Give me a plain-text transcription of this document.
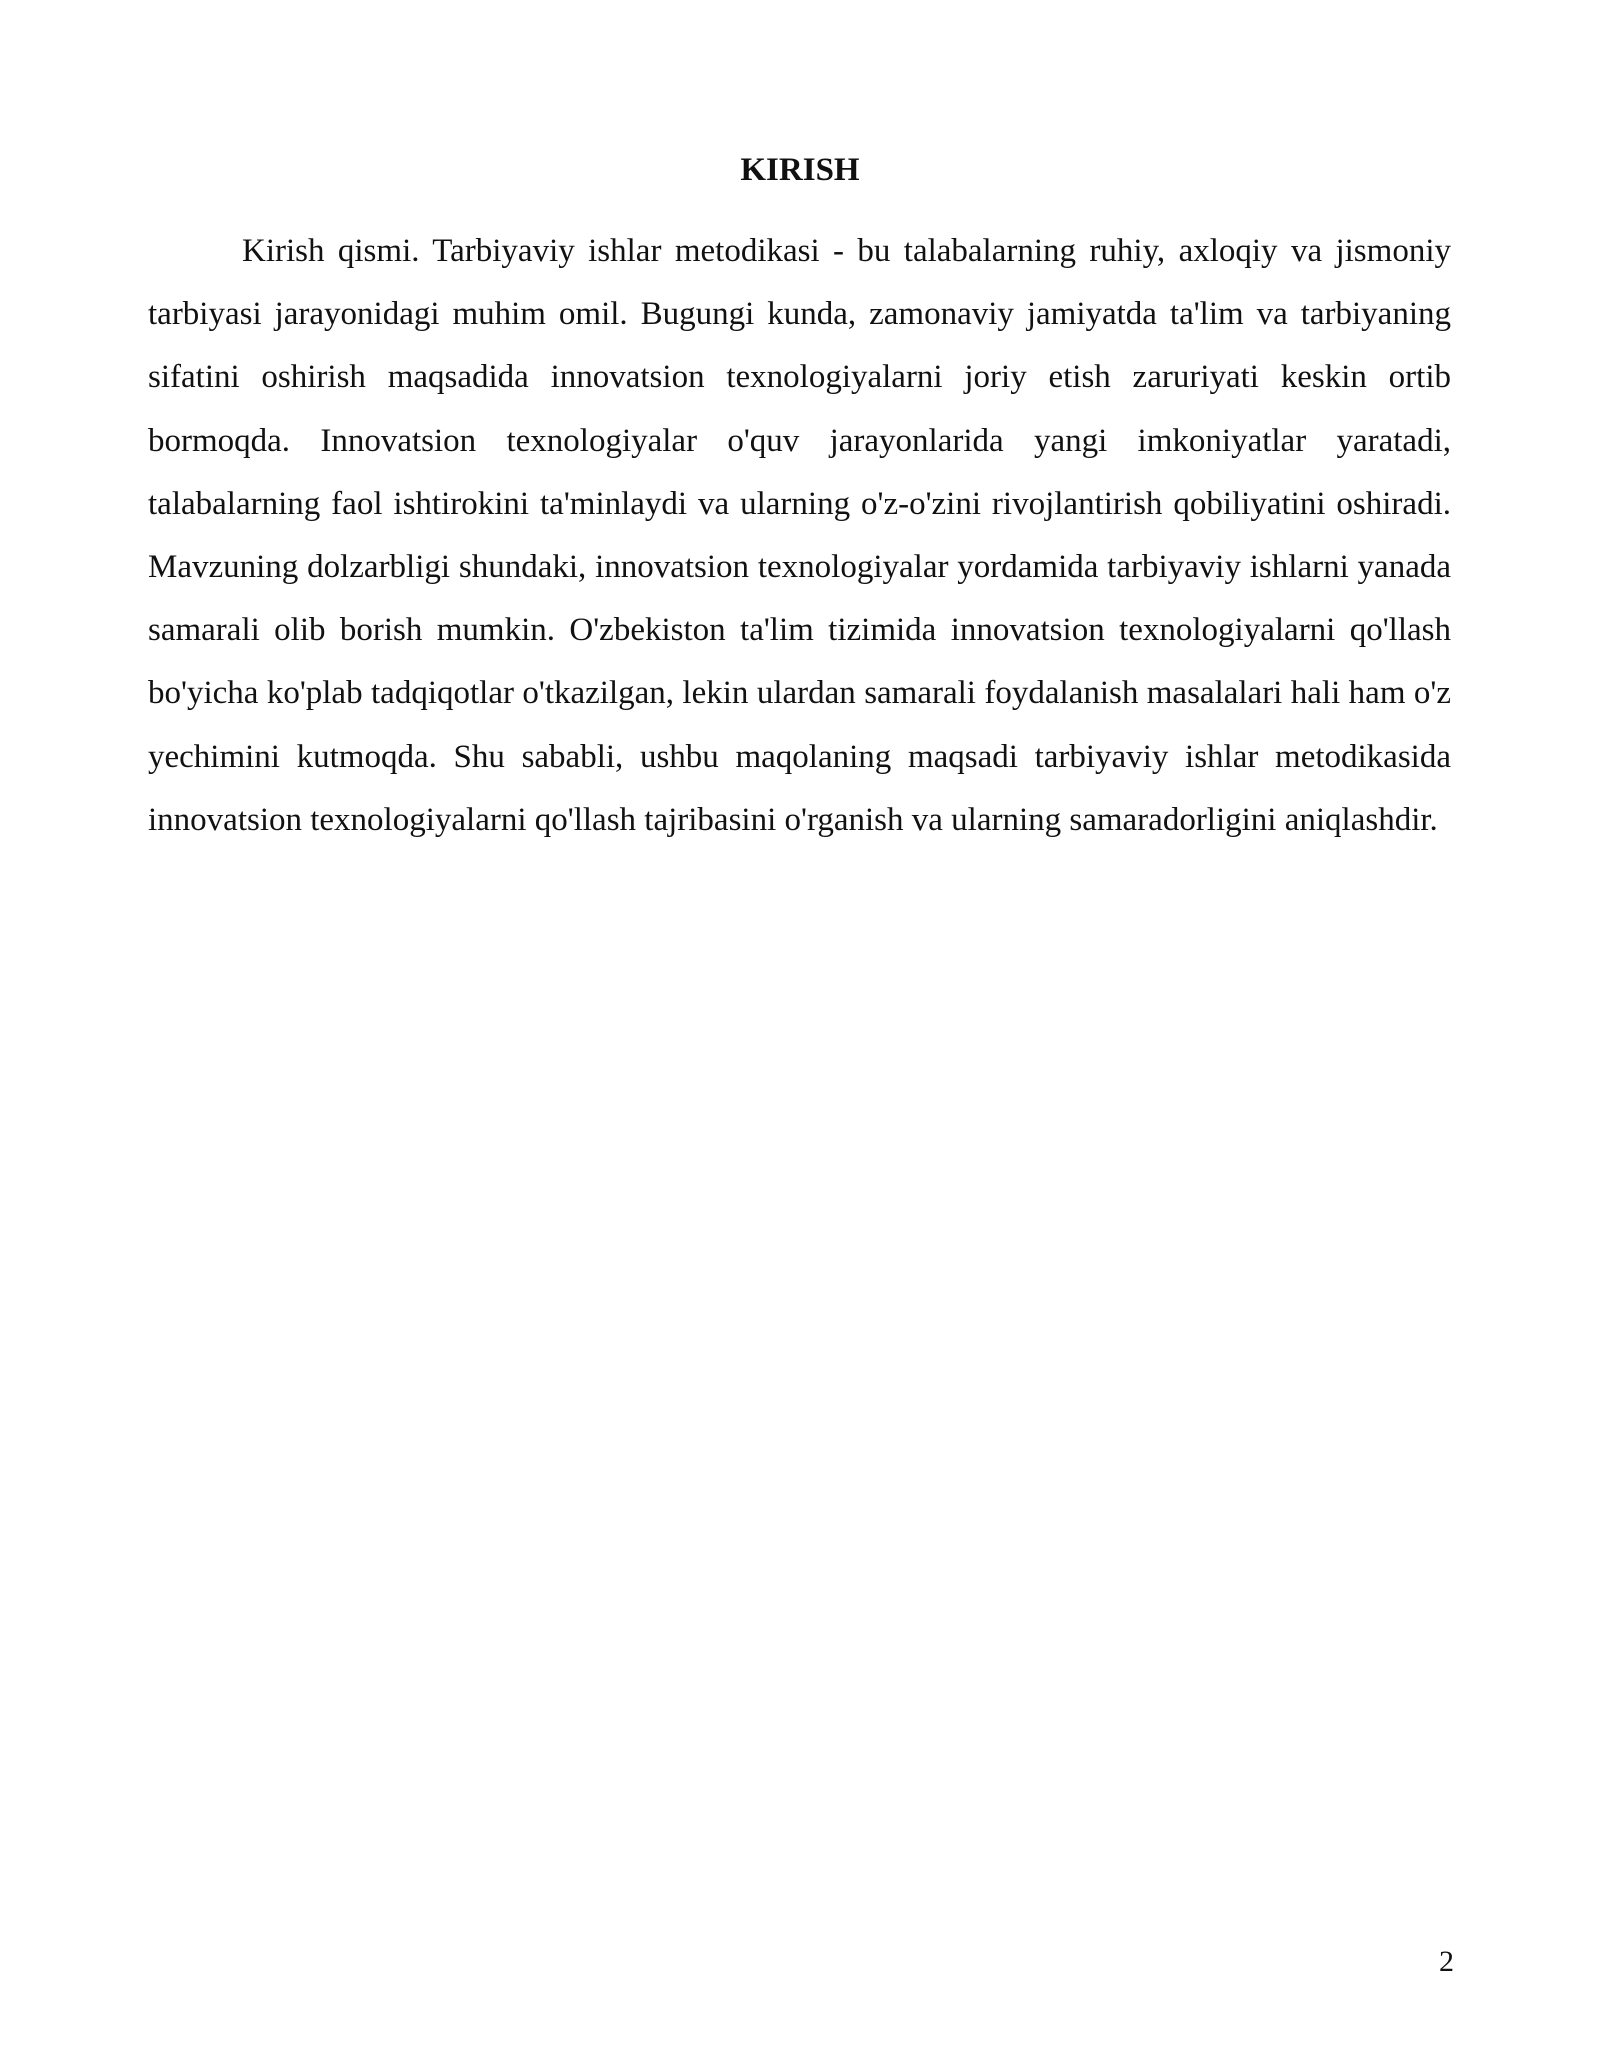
KIRISH

Kirish qismi. Tarbiyaviy ishlar metodikasi - bu talabalarning ruhiy, axloqiy va jismoniy tarbiyasi jarayonidagi muhim omil. Bugungi kunda, zamonaviy jamiyatda ta'lim va tarbiyaning sifatini oshirish maqsadida innovatsion texnologiyalarni joriy etish zaruriyati keskin ortib bormoqda. Innovatsion texnologiyalar o'quv jarayonlarida yangi imkoniyatlar yaratadi, talabalarning faol ishtirokini ta'minlaydi va ularning o'z-o'zini rivojlantirish qobiliyatini oshiradi. Mavzuning dolzarbligi shundaki, innovatsion texnologiyalar yordamida tarbiyaviy ishlarni yanada samarali olib borish mumkin. O'zbekiston ta'lim tizimida innovatsion texnologiyalarni qo'llash bo'yicha ko'plab tadqiqotlar o'tkazilgan, lekin ulardan samarali foydalanish masalalari hali ham o'z yechimini kutmoqda. Shu sababli, ushbu maqolaning maqsadi tarbiyaviy ishlar metodikasida innovatsion texnologiyalarni qo'llash tajribasini o'rganish va ularning samaradorligini aniqlashdir.

2
